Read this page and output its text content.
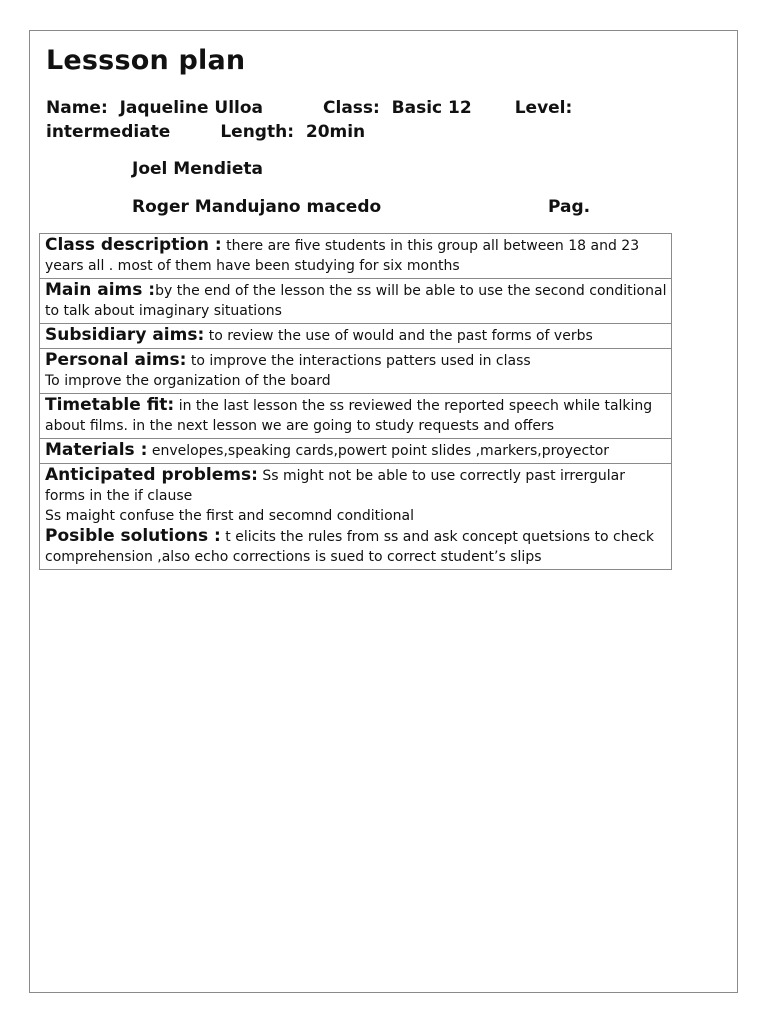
Lessson plan
Name: Jaqueline Ulloa	Class: Basic 12	Level:
intermediate	Length: 20min
Joel Mendieta
Roger Mandujano macedo	Pag.
Class description : there are five students in this group all between 18 and 23 years all . most of them have been studying for six months
Main aims :by the end of the lesson the ss will be able to use the second conditional to talk about imaginary situations
Subsidiary aims: to review the use of would and the past forms of verbs
Personal aims: to improve the interactions patters used in class
To improve the organization of the board
Timetable fit: in the last lesson the ss reviewed the reported speech while talking about films. in the next lesson we are going to study requests and offers
Materials : envelopes,speaking cards,powert point slides ,markers,proyector
Anticipated problems: Ss might not be able to use correctly past irrergular forms in the if clause
Ss maight confuse the first and secomnd conditional
Posible solutions : t elicits the rules from ss and ask concept quetsions to check comprehension ,also echo corrections is sued to correct student’s slips
